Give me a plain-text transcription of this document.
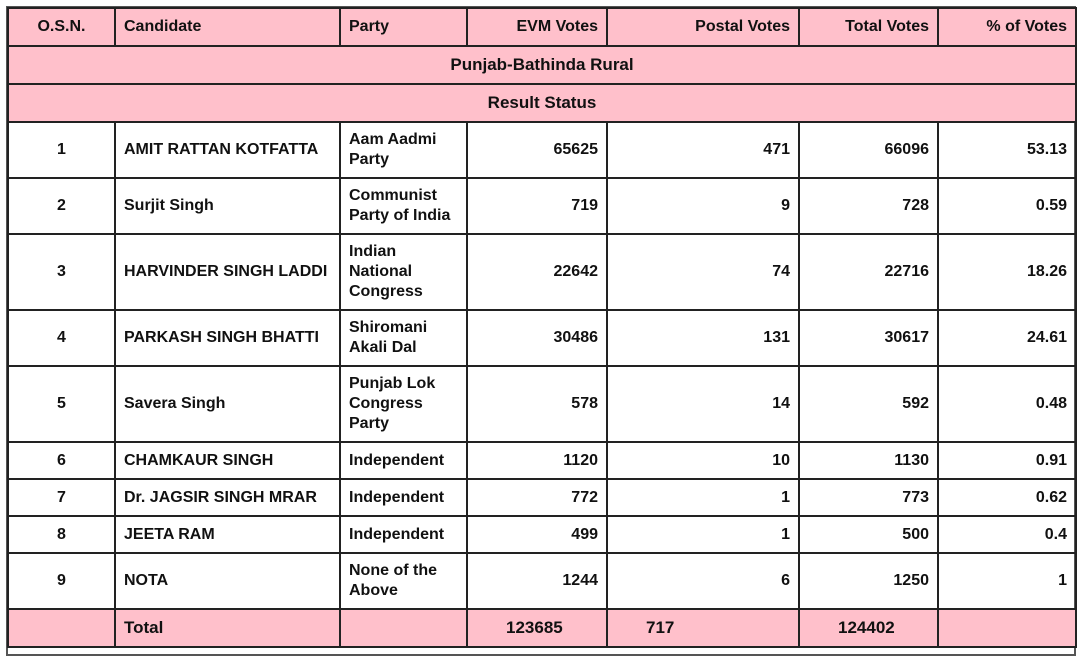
Punjab-Bathinda Rural						
Result Status						
O.S.N.	Candidate	Party	EVM Votes	Postal Votes	Total Votes	% of Votes
1	AMIT RATTAN KOTFATTA	Aam Aadmi Party	65625	471	66096	53.13
2	Surjit Singh	Communist Party of India	719	9	728	0.59
3	HARVINDER SINGH LADDI	Indian National Congress	22642	74	22716	18.26
4	PARKASH SINGH BHATTI	Shiromani Akali Dal	30486	131	30617	24.61
5	Savera Singh	Punjab Lok Congress Party	578	14	592	0.48
6	CHAMKAUR SINGH	Independent	1120	10	1130	0.91
7	Dr. JAGSIR SINGH MRAR	Independent	772	1	773	0.62
8	JEETA RAM	Independent	499	1	500	0.4
9	NOTA	None of the Above	1244	6	1250	1
	Total		123685	717	124402	
